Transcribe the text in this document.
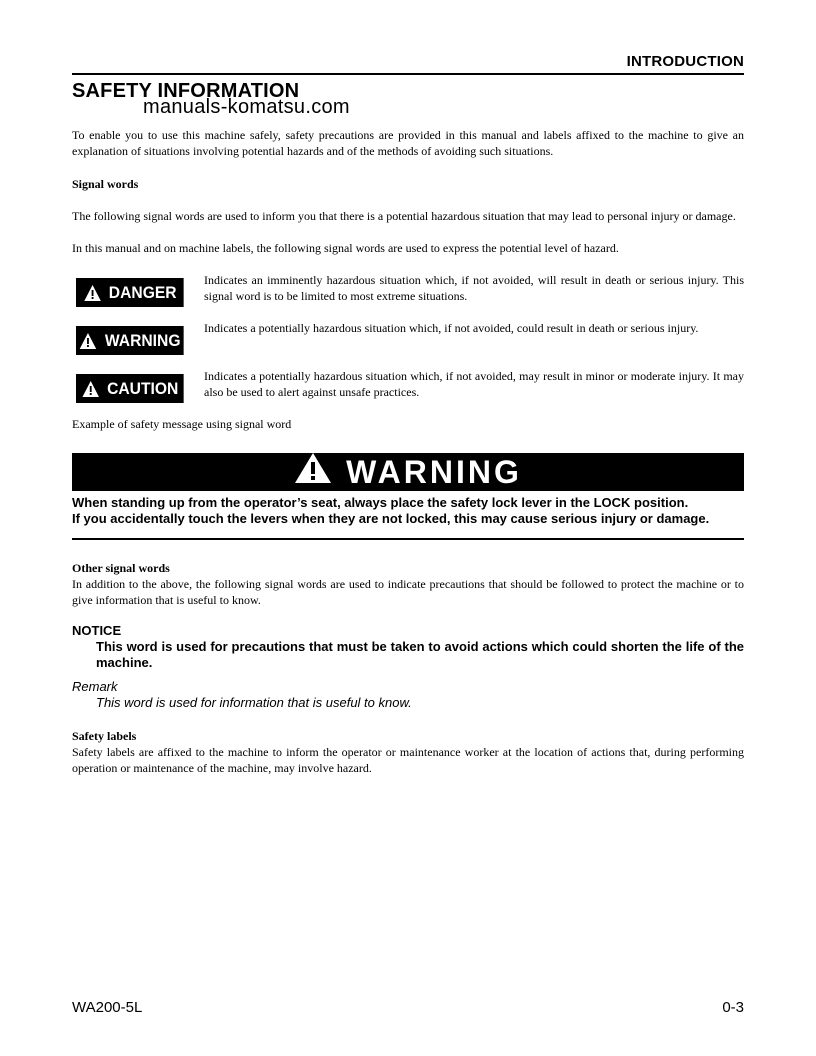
INTRODUCTION
SAFETY INFORMATION
manuals-komatsu.com
To enable you to use this machine safely, safety precautions are provided in this manual and labels affixed to the machine to give an explanation of situations involving potential hazards and of the methods of avoiding such situations.
Signal words
The following signal words are used to inform you that there is a potential hazardous situation that may lead to personal injury or damage.
In this manual and on machine labels, the following signal words are used to express the potential level of hazard.
DANGER
Indicates an imminently hazardous situation which, if not avoided, will result in death or serious injury. This signal word is to be limited to most extreme situations.
WARNING
Indicates a potentially hazardous situation which, if not avoided, could result in death or serious injury.
CAUTION
Indicates a potentially hazardous situation which, if not avoided, may result in minor or moderate injury. It may also be used to alert against unsafe practices.
Example of safety message using signal word
WARNING
When standing up from the operator’s seat, always place the safety lock lever in the LOCK position.
If you accidentally touch the levers when they are not locked, this may cause serious injury or damage.
Other signal words
In addition to the above, the following signal words are used to indicate precautions that should be followed to protect the machine or to give information that is useful to know.
NOTICE
This word is used for precautions that must be taken to avoid actions which could shorten the life of the machine.
Remark
This word is used for information that is useful to know.
Safety labels
Safety labels are affixed to the machine to inform the operator or maintenance worker at the location of actions that, during performing operation or maintenance of the machine, may involve hazard.
WA200-5L	0-3
